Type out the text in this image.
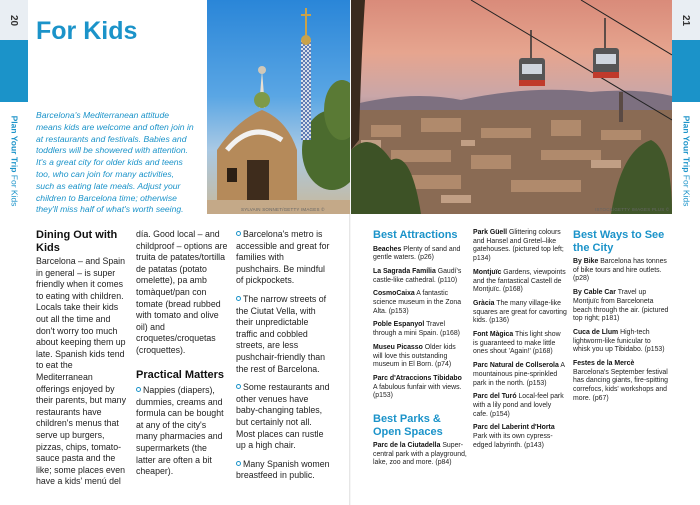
20
Plan Your Trip For Kids
21
Plan Your Trip For Kids
For Kids

Barcelona's Mediterranean attitude means kids are welcome and often join in at restaurants and festivals. Babies and toddlers will be showered with attention. It's a great city for older kids and teens too, who can join for many activities, such as eating late meals. Adjust your children to Barcelona time; otherwise they'll miss half of what's worth seeing.	SYLVAIN SONNET/GETTY IMAGES ©	ISTOCK/GETTY IMAGES PLUS ©
Dining Out with Kids

Barcelona – and Spain in general – is super friendly when it comes to eating with children. Locals take their kids out all the time and don't worry too much about keeping them up late. Spanish kids tend to eat the Mediterranean offerings enjoyed by their parents, but many restaurants have children's menus that serve up burgers, pizzas, chips, tomato-sauce pasta and the like; some places even have a kids' menú del

día. Good local – and childproof – options are truita de patates/tortilla de patatas (potato omelette), pa amb tomàquet/pan con tomate (bread rubbed with tomato and olive oil) and croquetes/croquetas (croquettes).

Practical Matters
Nappies (diapers), dummies, creams and formula can be bought at any of the city's many pharmacies and supermarkets (the latter are often a bit cheaper).
Barcelona's metro is accessible and great for families with pushchairs. Be mindful of pickpockets.
The narrow streets of the Ciutat Vella, with their unpredictable traffic and cobbled streets, are less pushchair-friendly than the rest of Barcelona.
Some restaurants and other venues have baby-changing tables, but certainly not all. Most places can rustle up a high chair.
Many Spanish women breastfeed in public.
Best Attractions
Beaches Plenty of sand and gentle waters. (p26)
La Sagrada Família Gaudí's castle-like cathedral. (p110)
CosmoCaixa A fantastic science museum in the Zona Alta. (p153)
Poble Espanyol Travel through a mini Spain. (p168)
Museu Picasso Older kids will love this outstanding museum in El Born. (p74)
Parc d'Atraccions Tibidabo A fabulous funfair with views. (p153)
Best Parks & Open Spaces
Parc de la Ciutadella Super-central park with a playground, lake, zoo and more. (p84)
Park Güell Glittering colours and Hansel and Gretel–like gatehouses. (pictured top left; p134)
Montjuïc Gardens, viewpoints and the fantastical Castell de Montjuïc. (p168)
Gràcia The many village-like squares are great for cavorting kids. (p136)
Font Màgica This light show is guaranteed to make little ones shout 'Again!' (p168)
Parc Natural de Collserola A mountainous pine-sprinkled park in the north. (p153)
Parc del Turó Local-feel park with a lily pond and lovely cafe. (p154)
Parc del Laberint d'Horta Park with its own cypress-edged labyrinth. (p143)
Best Ways to See the City
By Bike Barcelona has tonnes of bike tours and hire outlets. (p28)
By Cable Car Travel up Montjuïc from Barceloneta beach through the air. (pictured top right; p181)
Cuca de Llum High-tech lightworm-like funicular to whisk you up Tibidabo. (p153)
Festes de la Mercè Barcelona's September festival has dancing giants, fire-spitting correfocs, kids' workshops and more. (p67)
